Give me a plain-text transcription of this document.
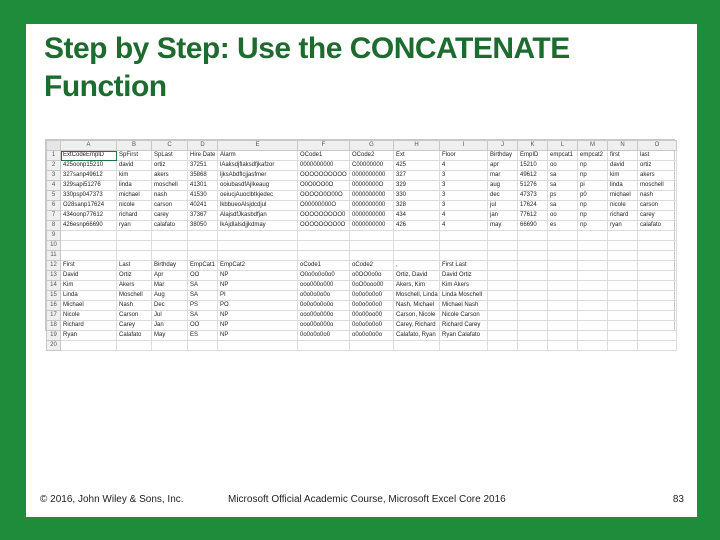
Step by Step: Use the CONCATENATE Function
	A	B	C	D	E	F	G	H	I	J	K	L	M	N	O
1	ExtCodeEmplD	SpFirst	SpLast	Hire Date	Alarm	OCode1	OCode2	Ext	Floor	Birthday	EmpID	empcat1	empcat2	first	last
2	425oonp15210	david	ortiz	37251	lAaksdjflaksdfjkafzor	0000000000	C00000000	425	4	apr	15210	oo	np	david	ortiz
3	327sanp49612	kim	akers	35868	ljksAbdflcjjasfmer	OOOOOOOOOO	0000000000	327	3	mar	49612	sa	np	kim	akers
4	329sapi51276	linda	moschell	41301	ooiubasdfAjlkeaug	O0O0OO0O	00000000O	329	3	aug	51276	sa	pi	linda	moschell
5	330psp047373	michael	nash	41530	oeiucjAuoclbtkjedec	OOOOO0O00O	0000000000	330	3	dec	47373	ps	p0	michael	nash
6	O28sanp17624	nicole	carson	40241	lkbbueoAlsjdcdjul	O00000000O	0000000000	328	3	jul	17624	sa	np	nicole	carson
7	434oonp77612	richard	carey	37367	AlajsdfJkasbdfjan	OOOOOOOOO0	0000000000	434	4	jan	77612	oo	np	richard	carey
8	426esnp66690	ryan	calafato	38050	lkAjdlalsdjjkdmay	OOOOOOOO0O	0000000000	426	4	may	66690	es	np	ryan	calafato
9															
10															
11															
12	First	Last	Birthday	EmpCat1	EmpCat2	oCode1	oCode2	,	First Last						
13	David	Ortiz	Apr	OO	NP	O0o0o0o0o0	o0OO0o0o	Ortiz, David	David Ortiz						
14	Kim	Akers	Mar	SA	NP	ooo000o000	0oO0ooo00	Akers, Kim	Kim Akers						
15	Linda	Moschell	Aug	SA	PI	o0o0o0o0o	0o0o0o0o0	Moschell, Linda	Linda Moschell						
16	Michael	Nash	Dec	PS	PO	0o0o0o0o0o	0o0o0o0o0	Nash, Michael	Michael Nash						
17	Nicole	Carson	Jul	SA	NP	ooo00o000o	00o00oo00	Carson, Nicole	Nicole Carson						
18	Richard	Carey	Jan	OO	NP	ooo00o000o	0o0o0o0o0	Carey, Richard	Richard Carey						
19	Ryan	Calafato	May	ES	NP	0o0o0o0o0	o0o0o0o0o	Calafato, Ryan	Ryan Calafato						
20															
© 2016, John Wiley & Sons, Inc.	Microsoft Official Academic Course, Microsoft Excel Core 2016	83
